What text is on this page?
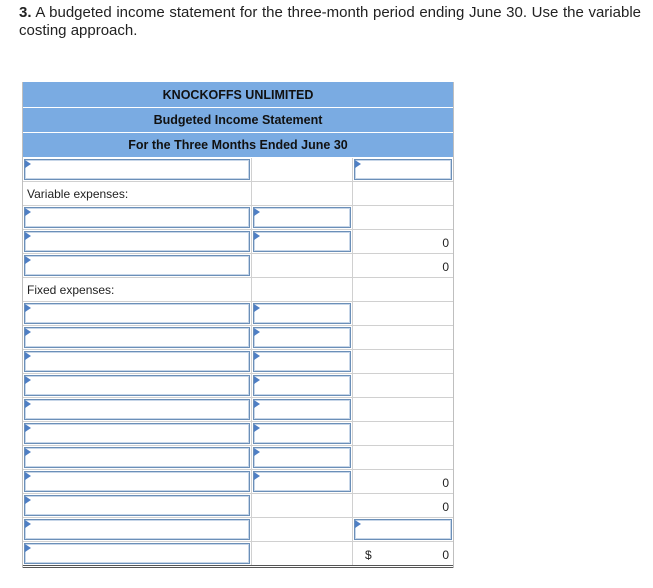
3. A budgeted income statement for the three-month period ending June 30. Use the variable costing approach.
KNOCKOFFS UNLIMITED
Budgeted Income Statement
For the Three Months Ended June 30
Variable expenses:
0
0
Fixed expenses:
0
0
$	0
